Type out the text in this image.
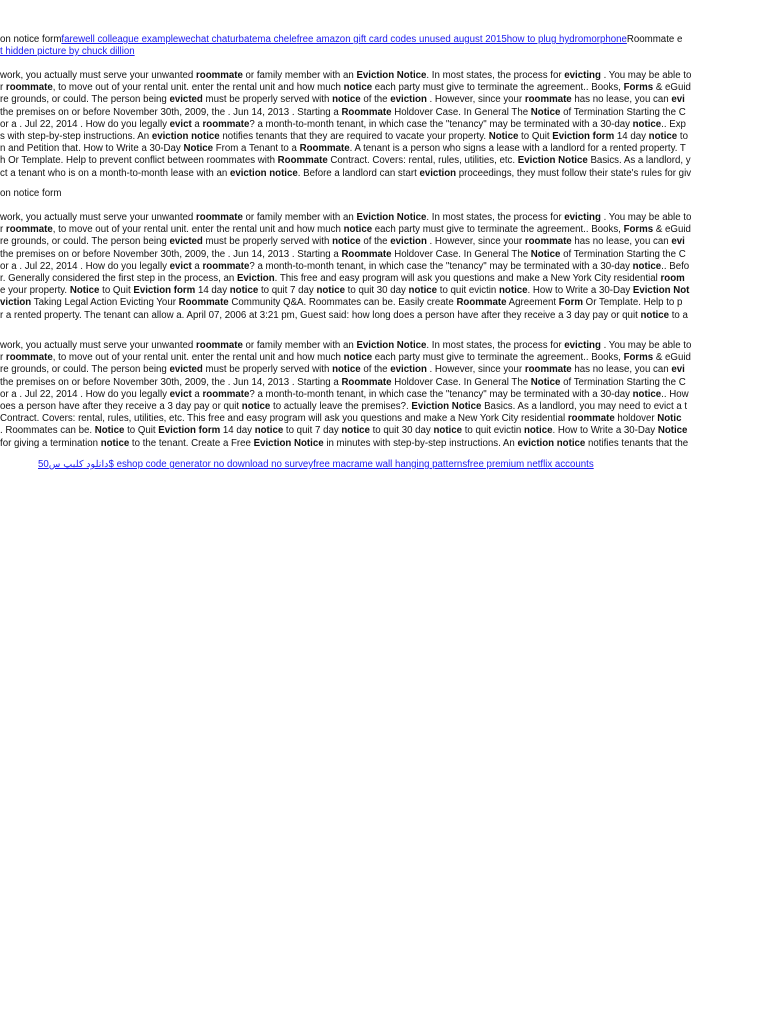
on notice formfarewell colleague examplewechat chaturbatema chelefree amazon gift card codes unused august 2015how to plug hydromorphoneRoommate e
t hidden picture by chuck dillion
work, you actually must serve your unwanted roommate or family member with an Eviction Notice. In most states, the process for evicting . You may be able to
r roommate, to move out of your rental unit. enter the rental unit and how much notice each party must give to terminate the agreement.. Books, Forms & eGuid
re grounds, or could. The person being evicted must be properly served with notice of the eviction . However, since your roommate has no lease, you can evi
the premises on or before November 30th, 2009, the . Jun 14, 2013 . Starting a Roommate Holdover Case. In General The Notice of Termination Starting the C
or a . Jul 22, 2014 . How do you legally evict a roommate? a month-to-month tenant, in which case the "tenancy" may be terminated with a 30-day notice.. Exp
s with step-by-step instructions. An eviction notice notifies tenants that they are required to vacate your property. Notice to Quit Eviction form 14 day notice to
n and Petition that. How to Write a 30-Day Notice From a Tenant to a Roommate. A tenant is a person who signs a lease with a landlord for a rented property. T
h Or Template. Help to prevent conflict between roommates with Roommate Contract. Covers: rental, rules, utilities, etc. Eviction Notice Basics. As a landlord, y
ct a tenant who is on a month-to-month lease with an eviction notice. Before a landlord can start eviction proceedings, they must follow their state's rules for giv
on notice form
work, you actually must serve your unwanted roommate or family member with an Eviction Notice. In most states, the process for evicting . You may be able to
r roommate, to move out of your rental unit. enter the rental unit and how much notice each party must give to terminate the agreement.. Books, Forms & eGuid
re grounds, or could. The person being evicted must be properly served with notice of the eviction . However, since your roommate has no lease, you can evi
the premises on or before November 30th, 2009, the . Jun 14, 2013 . Starting a Roommate Holdover Case. In General The Notice of Termination Starting the C
or a . Jul 22, 2014 . How do you legally evict a roommate? a month-to-month tenant, in which case the "tenancy" may be terminated with a 30-day notice.. Befo
r. Generally considered the first step in the process, an Eviction. This free and easy program will ask you questions and make a New York City residential room
e your property. Notice to Quit Eviction form 14 day notice to quit 7 day notice to quit 30 day notice to quit evictin notice. How to Write a 30-Day Eviction Not
viction Taking Legal Action Evicting Your Roommate Community Q&A. Roommates can be. Easily create Roommate Agreement Form Or Template. Help to p
r a rented property. The tenant can allow a. April 07, 2006 at 3:21 pm, Guest said: how long does a person have after they receive a 3 day pay or quit notice to a
work, you actually must serve your unwanted roommate or family member with an Eviction Notice. In most states, the process for evicting . You may be able to
r roommate, to move out of your rental unit. enter the rental unit and how much notice each party must give to terminate the agreement.. Books, Forms & eGuid
re grounds, or could. The person being evicted must be properly served with notice of the eviction . However, since your roommate has no lease, you can evi
the premises on or before November 30th, 2009, the . Jun 14, 2013 . Starting a Roommate Holdover Case. In General The Notice of Termination Starting the C
or a . Jul 22, 2014 . How do you legally evict a roommate? a month-to-month tenant, in which case the "tenancy" may be terminated with a 30-day notice.. How
oes a person have after they receive a 3 day pay or quit notice to actually leave the premises?. Eviction Notice Basics. As a landlord, you may need to evict a t
Contract. Covers: rental, rules, utilities, etc. This free and easy program will ask you questions and make a New York City residential roommate holdover Notic
. Roommates can be. Notice to Quit Eviction form 14 day notice to quit 7 day notice to quit 30 day notice to quit evictin notice. How to Write a 30-Day Notice
for giving a termination notice to the tenant. Create a Free Eviction Notice in minutes with step-by-step instructions. An eviction notice notifies tenants that the
دانلود کلیپ س50$ eshop code generator no download no surveyfree macrame wall hanging patternsfree premium netflix accounts
